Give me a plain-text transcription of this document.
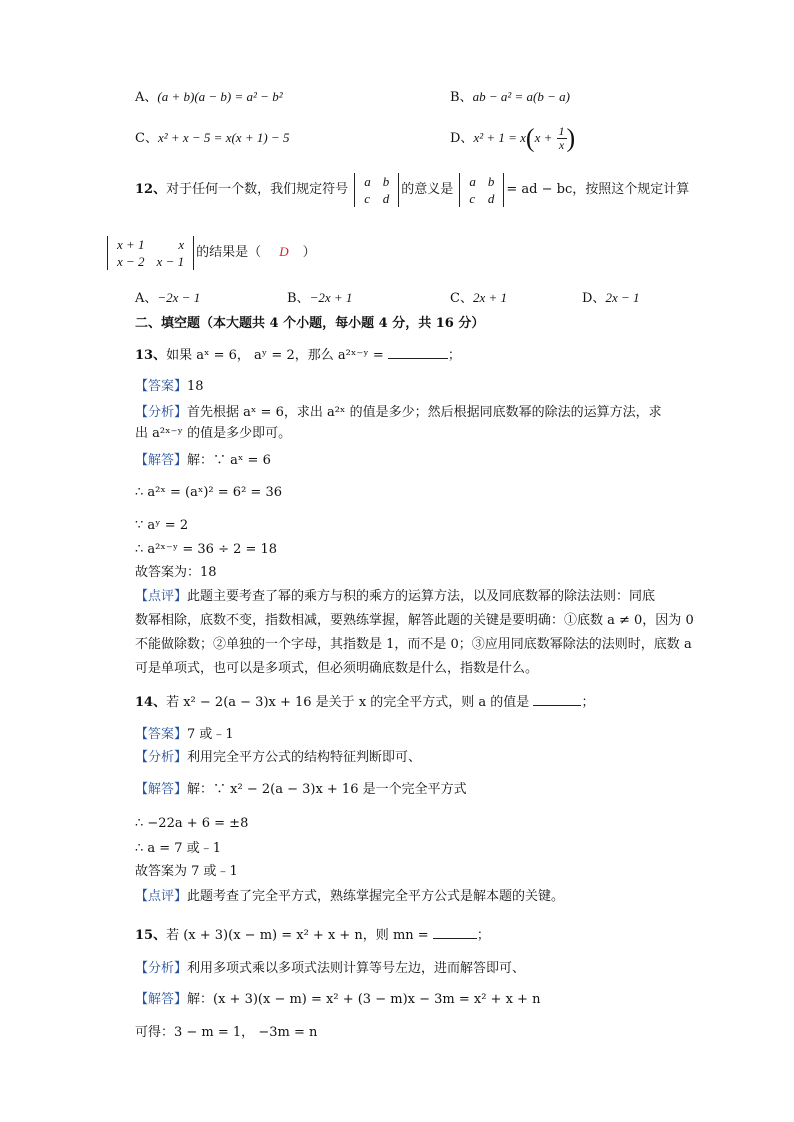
A、(a + b)(a − b) = a² − b²	B、ab − a² = a(b − a)
C、x² + x − 5 = x(x + 1) − 5	D、$x^2 + 1 = x(x + \frac{1}{x}$ )
12、对于任何一个数，我们规定符号
a	b
c	d
的意义是
a	b
c	d
= ad − bc，按照这个规定计算
x + 1	x
x − 2	x − 1
的结果是（ D ）
A、−2x − 1	B、−2x + 1	C、2x + 1	D、2x − 1
二、填空题（本大题共 4 个小题，每小题 4 分，共 16 分）
13、如果 aˣ = 6， aʸ = 2，那么 a²ˣ⁻ʸ =	；
【答案】18
【分析】首先根据 aˣ = 6，求出 a²ˣ 的值是多少；然后根据同底数幂的除法的运算方法，求
出 a²ˣ⁻ʸ 的值是多少即可。
【解答】解：∵ aˣ = 6
∴ a²ˣ = (aˣ)² = 6² = 36
∵ aʸ = 2
∴ a²ˣ⁻ʸ = 36 ÷ 2 = 18
故答案为：18
【点评】此题主要考查了幂的乘方与积的乘方的运算方法，以及同底数幂的除法法则：同底
数幂相除，底数不变，指数相减，要熟练掌握，解答此题的关键是要明确：①底数 a ≠ 0，因为 0
不能做除数；②单独的一个字母，其指数是 1，而不是 0；③应用同底数幂除法的法则时，底数 a
可是单项式，也可以是多项式，但必须明确底数是什么，指数是什么。
14、若 x² − 2(a − 3)x + 16 是关于 x 的完全平方式，则 a 的值是	；
【答案】7 或﹣1
【分析】利用完全平方公式的结构特征判断即可、
【解答】解：∵ x² − 2(a − 3)x + 16 是一个完全平方式
∴ −22a + 6 = ±8
∴ a = 7 或﹣1
故答案为 7 或﹣1
【点评】此题考查了完全平方式，熟练掌握完全平方公式是解本题的关键。
15、若 (x + 3)(x − m) = x² + x + n，则 mn =	；
【分析】利用多项式乘以多项式法则计算等号左边，进而解答即可、
【解答】解：(x + 3)(x − m) = x² + (3 − m)x − 3m = x² + x + n
可得：3 − m = 1， −3m = n
